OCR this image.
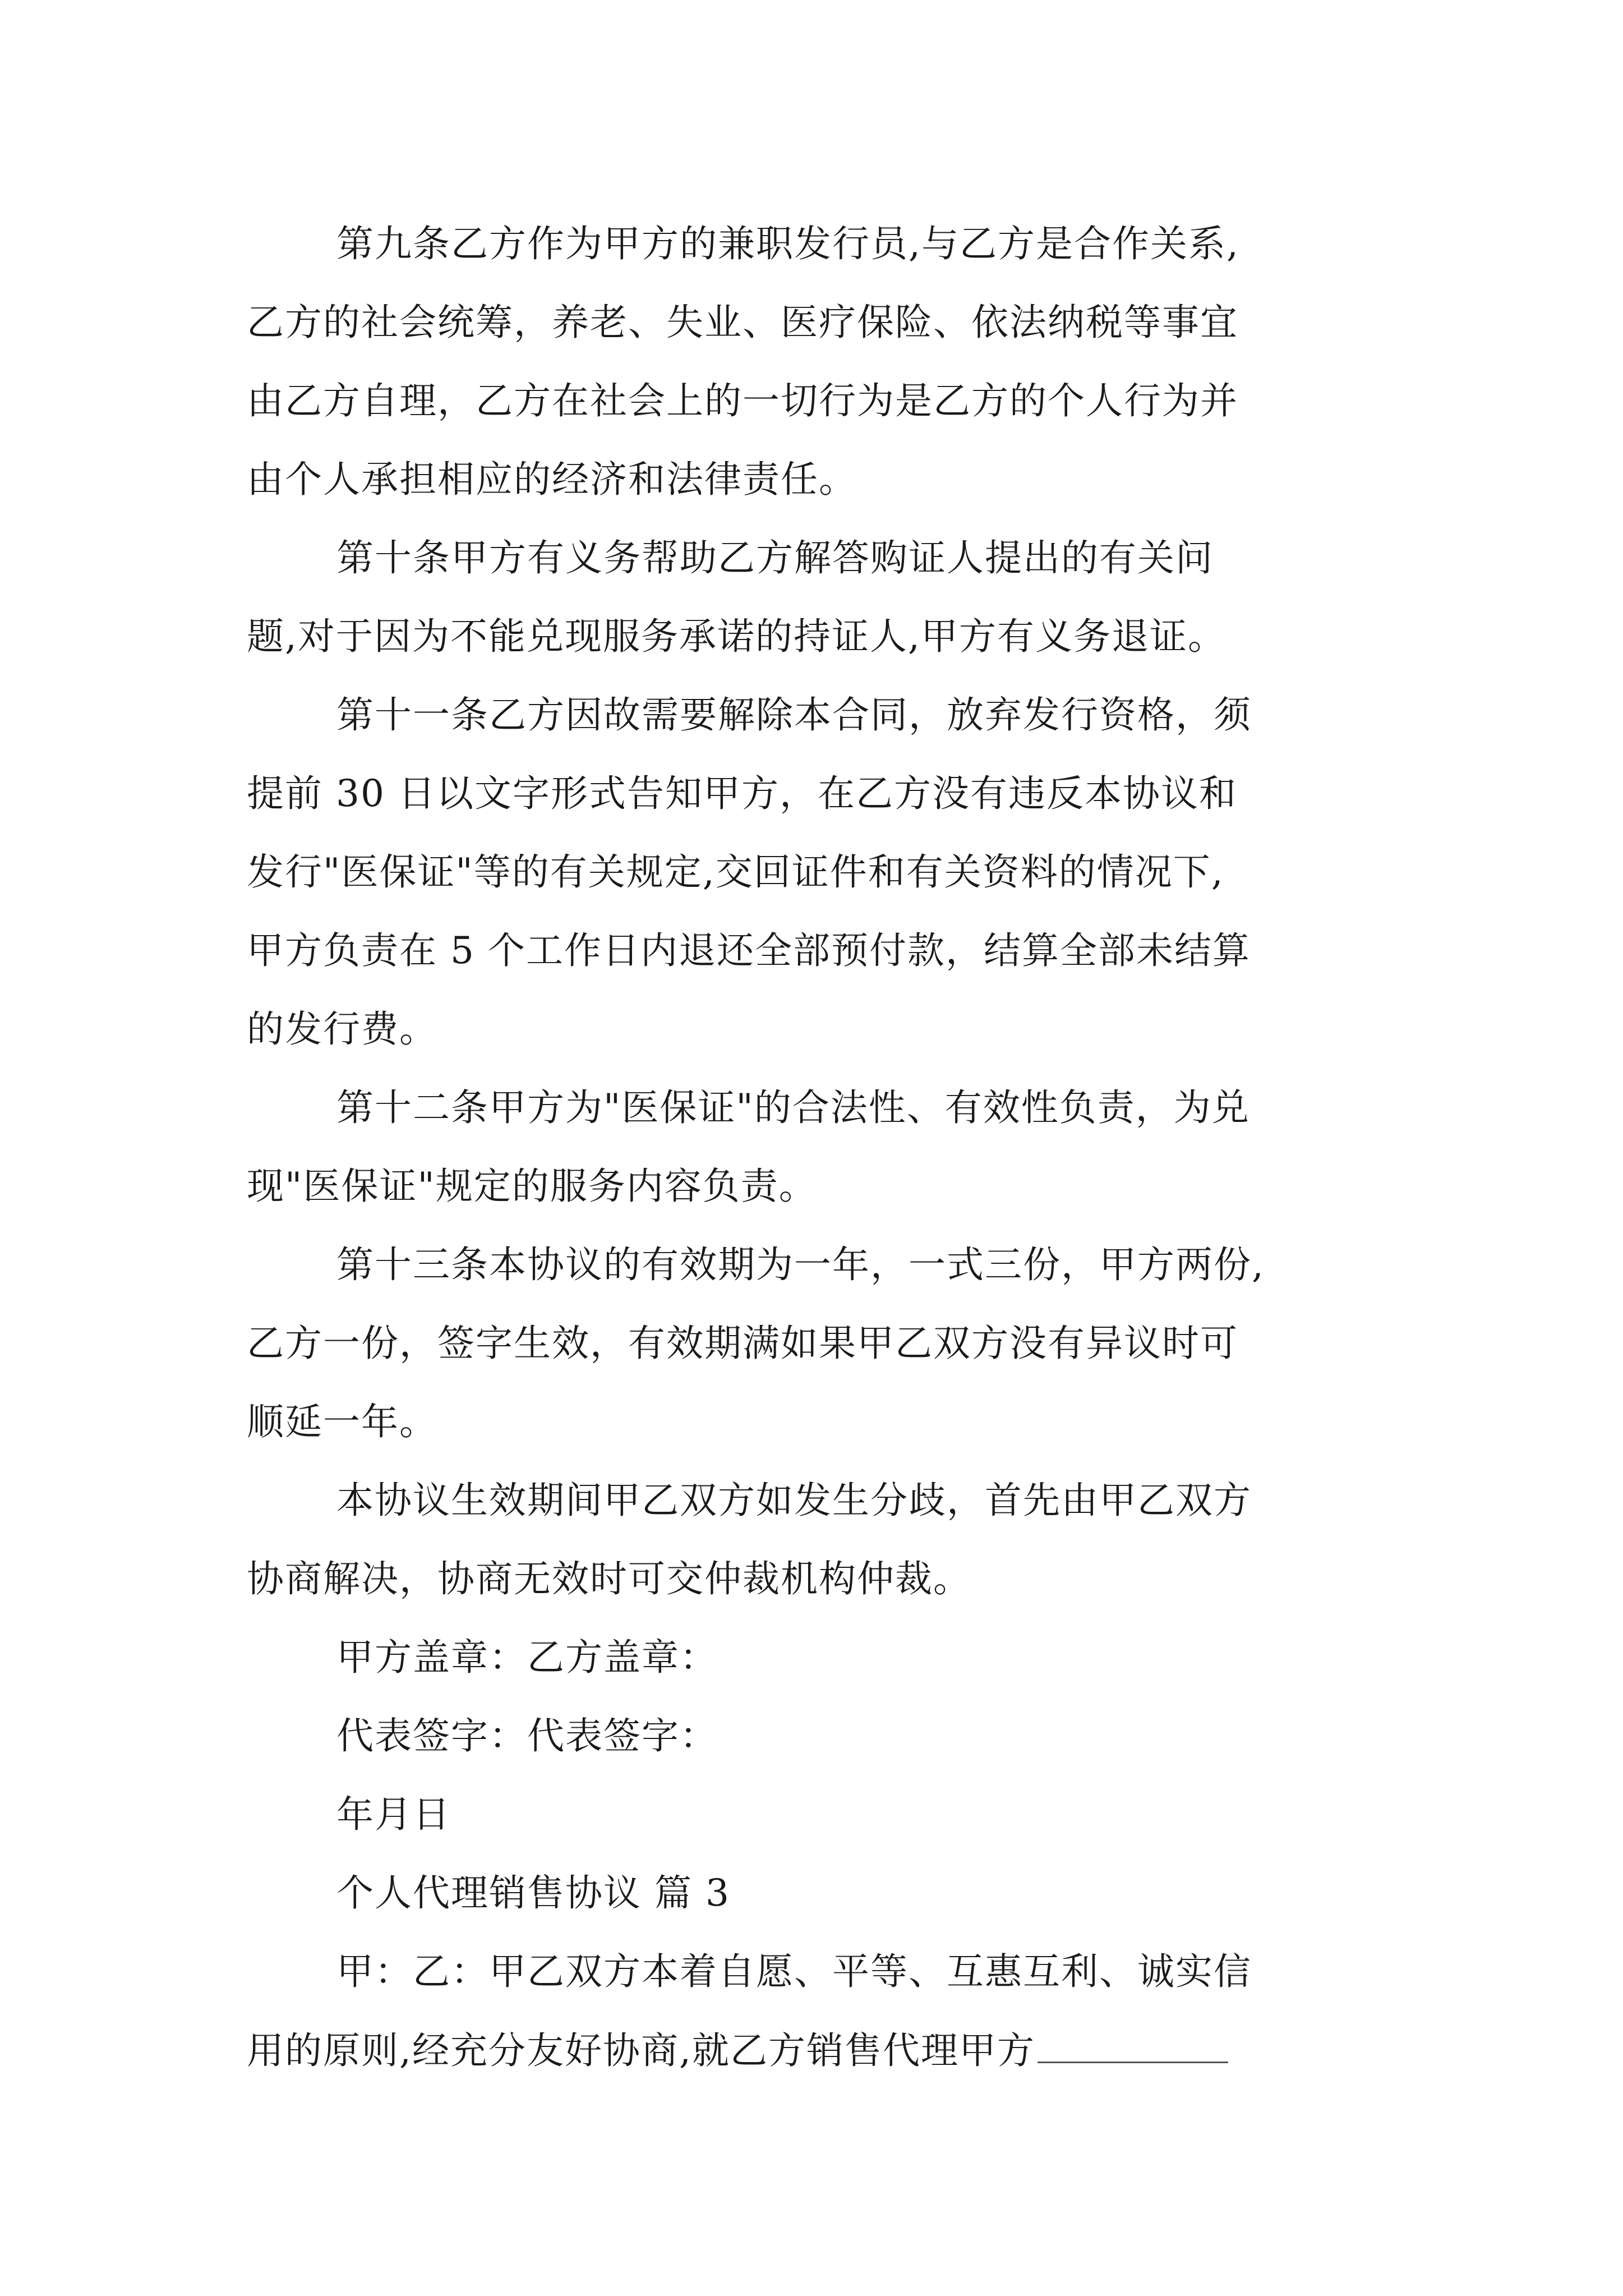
第九条乙方作为甲方的兼职发行员,与乙方是合作关系,
乙方的社会统筹，养老、失业、医疗保险、依法纳税等事宜
由乙方自理，乙方在社会上的一切行为是乙方的个人行为并
由个人承担相应的经济和法律责任。
第十条甲方有义务帮助乙方解答购证人提出的有关问
题,对于因为不能兑现服务承诺的持证人,甲方有义务退证。
第十一条乙方因故需要解除本合同，放弃发行资格，须
提前 30 日以文字形式告知甲方，在乙方没有违反本协议和
发行"医保证"等的有关规定,交回证件和有关资料的情况下,
甲方负责在 5 个工作日内退还全部预付款，结算全部未结算
的发行费。
第十二条甲方为"医保证"的合法性、有效性负责，为兑
现"医保证"规定的服务内容负责。
第十三条本协议的有效期为一年，一式三份，甲方两份,
乙方一份，签字生效，有效期满如果甲乙双方没有异议时可
顺延一年。
本协议生效期间甲乙双方如发生分歧，首先由甲乙双方
协商解决，协商无效时可交仲裁机构仲裁。
甲方盖章：乙方盖章：
代表签字：代表签字：
年月日
个人代理销售协议 篇 3
甲：乙：甲乙双方本着自愿、平等、互惠互利、诚实信
用的原则,经充分友好协商,就乙方销售代理甲方
